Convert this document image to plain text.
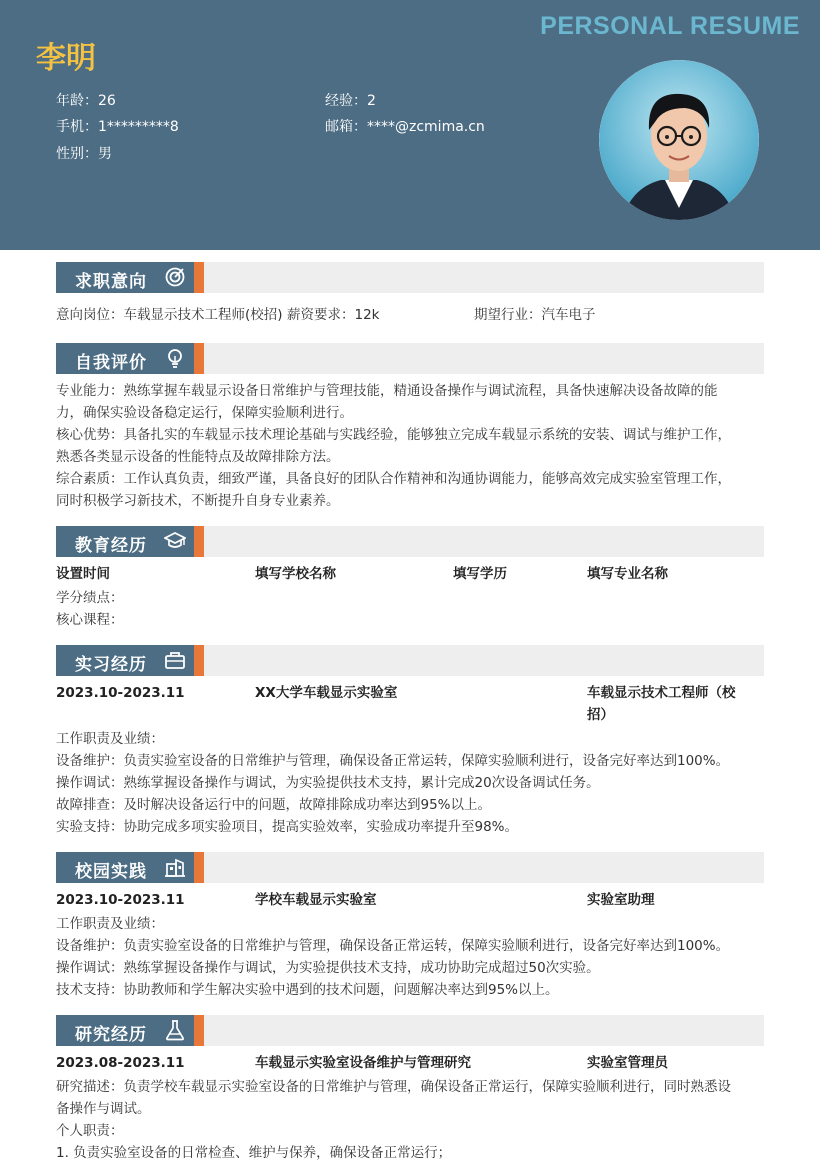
PERSONAL RESUME
李明
年龄：26	经验：2
手机：1*********8	邮箱：****@zcmima.cn
性别：男
求职意向
意向岗位：车载显示技术工程师(校招) 薪资要求：12k	期望行业：汽车电子
自我评价
专业能力：熟练掌握车载显示设备日常维护与管理技能，精通设备操作与调试流程，具备快速解决设备故障的能
力，确保实验设备稳定运行，保障实验顺利进行。
核心优势：具备扎实的车载显示技术理论基础与实践经验，能够独立完成车载显示系统的安装、调试与维护工作，
熟悉各类显示设备的性能特点及故障排除方法。
综合素质：工作认真负责，细致严谨，具备良好的团队合作精神和沟通协调能力，能够高效完成实验室管理工作，
同时积极学习新技术，不断提升自身专业素养。
教育经历
设置时间	填写学校名称	填写学历	填写专业名称
学分绩点：
核心课程：
实习经历
2023.10-2023.11	XX大学车载显示实验室	车载显示技术工程师（校
招）
工作职责及业绩：
设备维护：负责实验室设备的日常维护与管理，确保设备正常运转，保障实验顺利进行，设备完好率达到100%。
操作调试：熟练掌握设备操作与调试，为实验提供技术支持，累计完成20次设备调试任务。
故障排查：及时解决设备运行中的问题，故障排除成功率达到95%以上。
实验支持：协助完成多项实验项目，提高实验效率，实验成功率提升至98%。
校园实践
2023.10-2023.11	学校车载显示实验室	实验室助理
工作职责及业绩：
设备维护：负责实验室设备的日常维护与管理，确保设备正常运转，保障实验顺利进行，设备完好率达到100%。
操作调试：熟练掌握设备操作与调试，为实验提供技术支持，成功协助完成超过50次实验。
技术支持：协助教师和学生解决实验中遇到的技术问题，问题解决率达到95%以上。
研究经历
2023.08-2023.11	车载显示实验室设备维护与管理研究	实验室管理员
研究描述：负责学校车载显示实验室设备的日常维护与管理，确保设备正常运行，保障实验顺利进行，同时熟悉设
备操作与调试。
个人职责：
1. 负责实验室设备的日常检查、维护与保养，确保设备正常运行；
